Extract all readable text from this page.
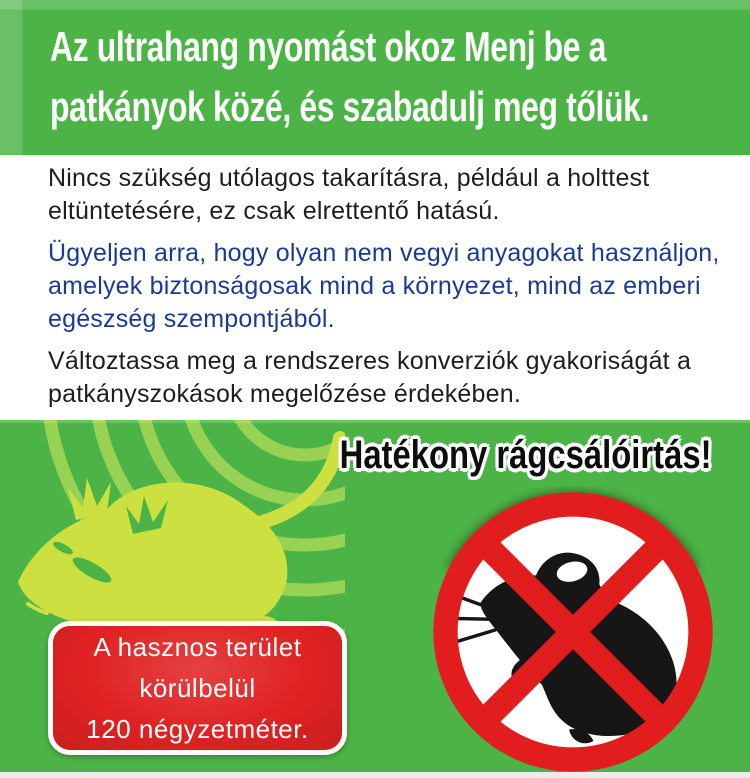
Az ultrahang nyomást okoz Menj be a
patkányok közé, és szabadulj meg tőlük.
Nincs szükség utólagos takarításra, például a holttest
eltüntetésére, ez csak elrettentő hatású.
Ügyeljen arra, hogy olyan nem vegyi anyagokat használjon,
amelyek biztonságosak mind a környezet, mind az emberi
egészség szempontjából.
Változtassa meg a rendszeres konverziók gyakoriságát a
patkányszokások megelőzése érdekében.
Hatékony rágcsálóirtás!
A hasznos terület
körülbelül
120 négyzetméter.
